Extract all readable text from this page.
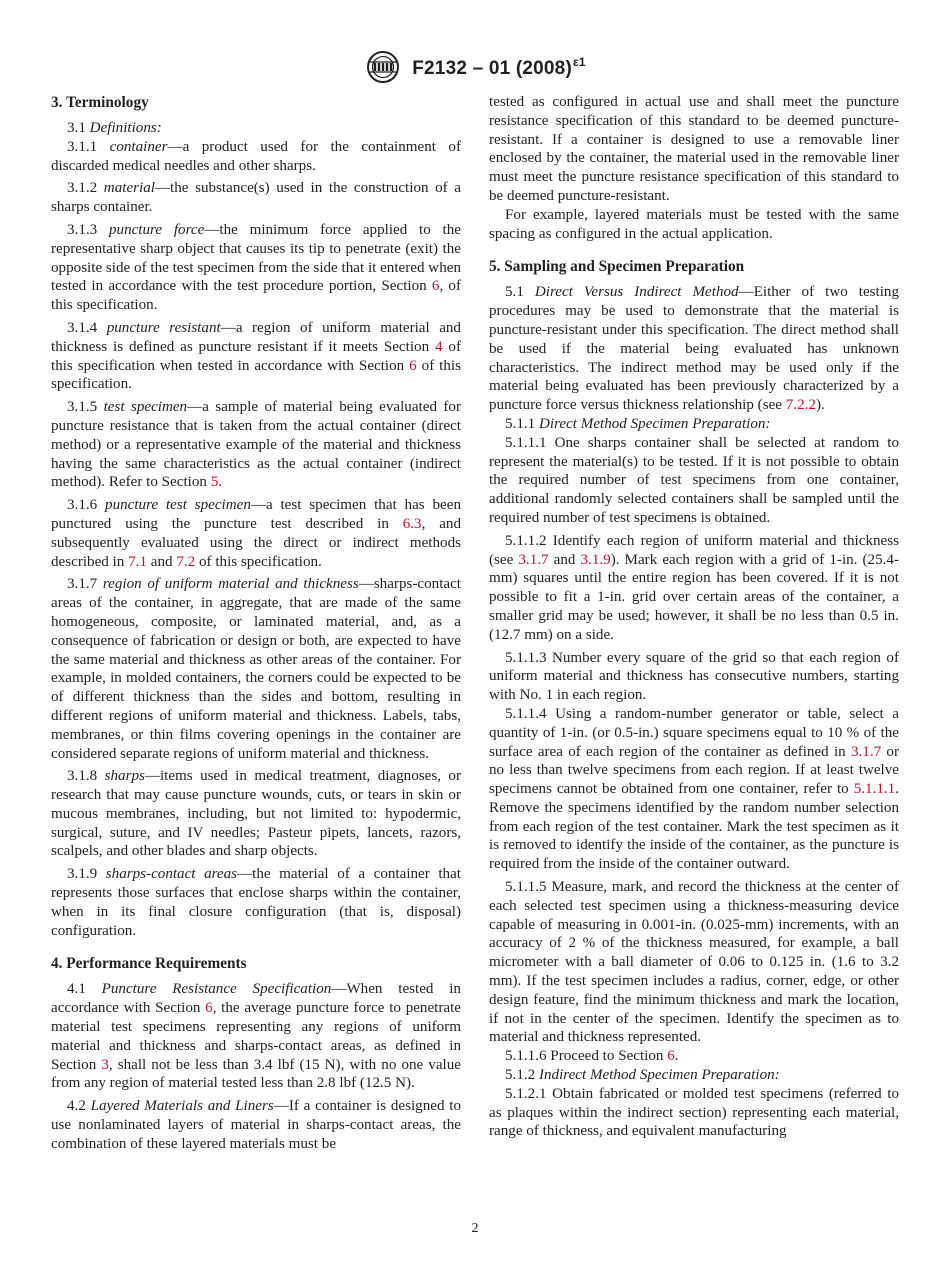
F2132 – 01 $(2008)^{\varepsilon 1}$
3. Terminology

3.1 Definitions:

3.1.1 container—a product used for the containment of discarded medical needles and other sharps.

3.1.2 material—the substance(s) used in the construction of a sharps container.

3.1.3 puncture force—the minimum force applied to the representative sharp object that causes its tip to penetrate (exit) the opposite side of the test specimen from the side that it entered when tested in accordance with the test procedure portion, Section 6, of this specification.

3.1.4 puncture resistant—a region of uniform material and thickness is defined as puncture resistant if it meets Section 4 of this specification when tested in accordance with Section 6 of this specification.

3.1.5 test specimen—a sample of material being evaluated for puncture resistance that is taken from the actual container (direct method) or a representative example of the material and thickness having the same characteristics as the actual container (indirect method). Refer to Section 5.

3.1.6 puncture test specimen—a test specimen that has been punctured using the puncture test described in 6.3, and subsequently evaluated using the direct or indirect methods described in 7.1 and 7.2 of this specification.

3.1.7 region of uniform material and thickness—sharps-contact areas of the container, in aggregate, that are made of the same homogeneous, composite, or laminated material, and, as a consequence of fabrication or design or both, are expected to have the same material and thickness as other areas of the container. For example, in molded containers, the corners could be expected to be of different thickness than the sides and bottom, resulting in different regions of uniform material and thickness. Labels, tabs, membranes, or thin films covering openings in the container are considered separate regions of uniform material and thickness.

3.1.8 sharps—items used in medical treatment, diagnoses, or research that may cause puncture wounds, cuts, or tears in skin or mucous membranes, including, but not limited to: hypodermic, surgical, suture, and IV needles; Pasteur pipets, lancets, razors, scalpels, and other blades and sharp objects.

3.1.9 sharps-contact areas—the material of a container that represents those surfaces that enclose sharps within the container, when in its final closure configuration (that is, disposal) configuration.

4. Performance Requirements

4.1 Puncture Resistance Specification—When tested in accordance with Section 6, the average puncture force to penetrate material test specimens representing any regions of uniform material and thickness and sharps-contact areas, as defined in Section 3, shall not be less than 3.4 lbf (15 N), with no one value from any region of material tested less than 2.8 lbf (12.5 N).

4.2 Layered Materials and Liners—If a container is designed to use nonlaminated layers of material in sharps-contact areas, the combination of these layered materials must be

tested as configured in actual use and shall meet the puncture resistance specification of this standard to be deemed puncture-resistant. If a container is designed to use a removable liner enclosed by the container, the material used in the removable liner must meet the puncture resistance specification of this standard to be deemed puncture-resistant.

For example, layered materials must be tested with the same spacing as configured in the actual application.

5. Sampling and Specimen Preparation

5.1 Direct Versus Indirect Method—Either of two testing procedures may be used to demonstrate that the material is puncture-resistant under this specification. The direct method shall be used if the material being evaluated has unknown characteristics. The indirect method may be used only if the material being evaluated has been previously characterized by a puncture force versus thickness relationship (see 7.2.2).

5.1.1 Direct Method Specimen Preparation:

5.1.1.1 One sharps container shall be selected at random to represent the material(s) to be tested. If it is not possible to obtain the required number of test specimens from one container, additional randomly selected containers shall be sampled until the required number of test specimens is obtained.

5.1.1.2 Identify each region of uniform material and thickness (see 3.1.7 and 3.1.9). Mark each region with a grid of 1-in. (25.4-mm) squares until the entire region has been covered. If it is not possible to fit a 1-in. grid over certain areas of the container, a smaller grid may be used; however, it shall be no less than 0.5 in. (12.7 mm) on a side.

5.1.1.3 Number every square of the grid so that each region of uniform material and thickness has consecutive numbers, starting with No. 1 in each region.

5.1.1.4 Using a random-number generator or table, select a quantity of 1-in. (or 0.5-in.) square specimens equal to 10 % of the surface area of each region of the container as defined in 3.1.7 or no less than twelve specimens from each region. If at least twelve specimens cannot be obtained from one container, refer to 5.1.1.1. Remove the specimens identified by the random number selection from each region of the test container. Mark the test specimen as it is removed to identify the inside of the container, as the puncture is required from the inside of the container outward.

5.1.1.5 Measure, mark, and record the thickness at the center of each selected test specimen using a thickness-measuring device capable of measuring in 0.001-in. (0.025-mm) increments, with an accuracy of 2 % of the thickness measured, for example, a ball micrometer with a ball diameter of 0.06 to 0.125 in. (1.6 to 3.2 mm). If the test specimen includes a radius, corner, edge, or other design feature, find the minimum thickness and mark the location, if not in the center of the specimen. Identify the specimen as to material and thickness represented.

5.1.1.6 Proceed to Section 6.

5.1.2 Indirect Method Specimen Preparation:

5.1.2.1 Obtain fabricated or molded test specimens (referred to as plaques within the indirect section) representing each material, range of thickness, and equivalent manufacturing

2
